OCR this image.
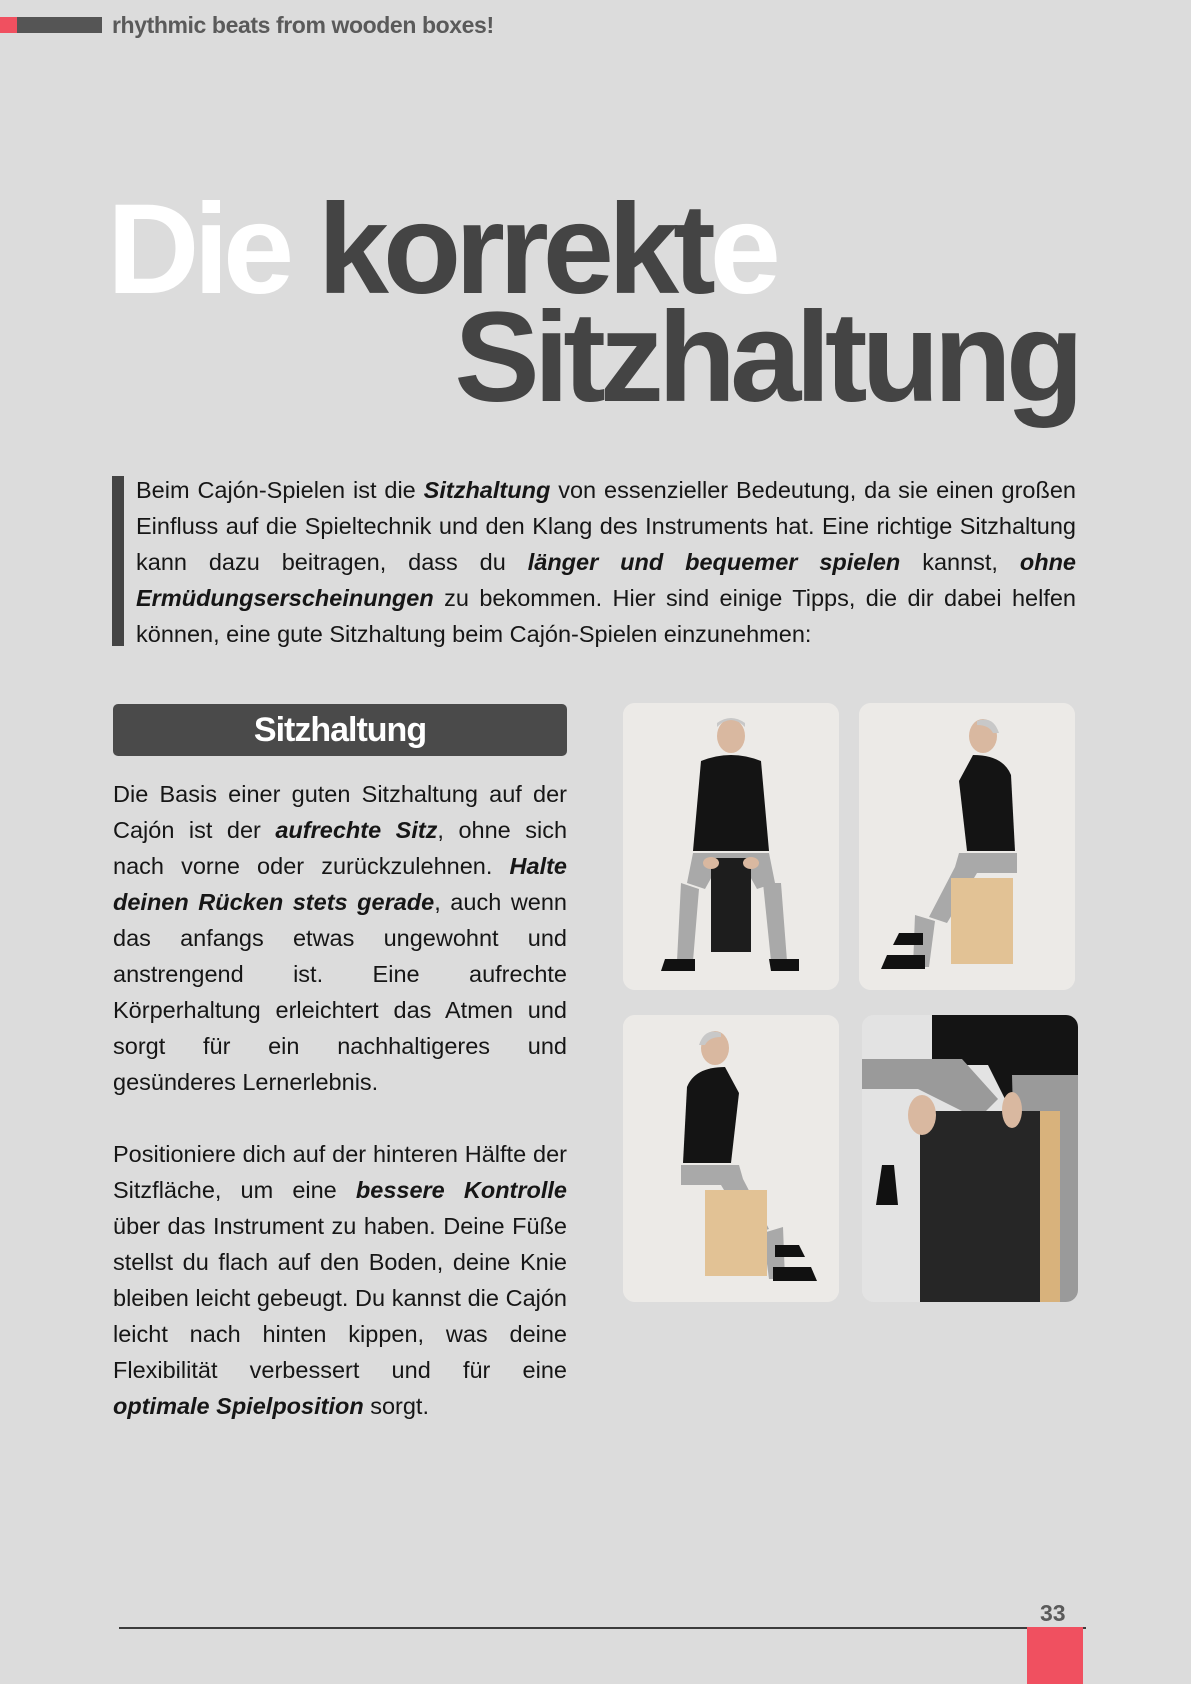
rhythmic beats from wooden boxes!
Die korrekte
Sitzhaltung
Beim Cajón-Spielen ist die Sitzhaltung von essenzieller Bedeutung, da sie einen großen Einfluss auf die Spieltechnik und den Klang des Instruments hat. Eine richtige Sitzhaltung kann dazu beitragen, dass du länger und bequemer spielen kannst, ohne Ermüdungserscheinungen zu bekommen. Hier sind einige Tipps, die dir dabei helfen können, eine gute Sitzhaltung beim Cajón-Spielen einzunehmen:
Sitzhaltung
Die Basis einer guten Sitzhaltung auf der Cajón ist der aufrechte Sitz, ohne sich nach vorne oder zurückzulehnen. Halte deinen Rücken stets gerade, auch wenn das anfangs etwas ungewohnt und anstrengend ist. Eine aufrechte Körperhaltung erleichtert das Atmen und sorgt für ein nachhaltigeres und gesünderes Lernerlebnis.
Positioniere dich auf der hinteren Hälfte der Sitzfläche, um eine bessere Kontrolle über das Instrument zu haben. Deine Füße stellst du flach auf den Boden, deine Knie bleiben leicht gebeugt. Du kannst die Cajón leicht nach hinten kippen, was deine Flexibilität verbessert und für eine optimale Spielposition sorgt.
33
